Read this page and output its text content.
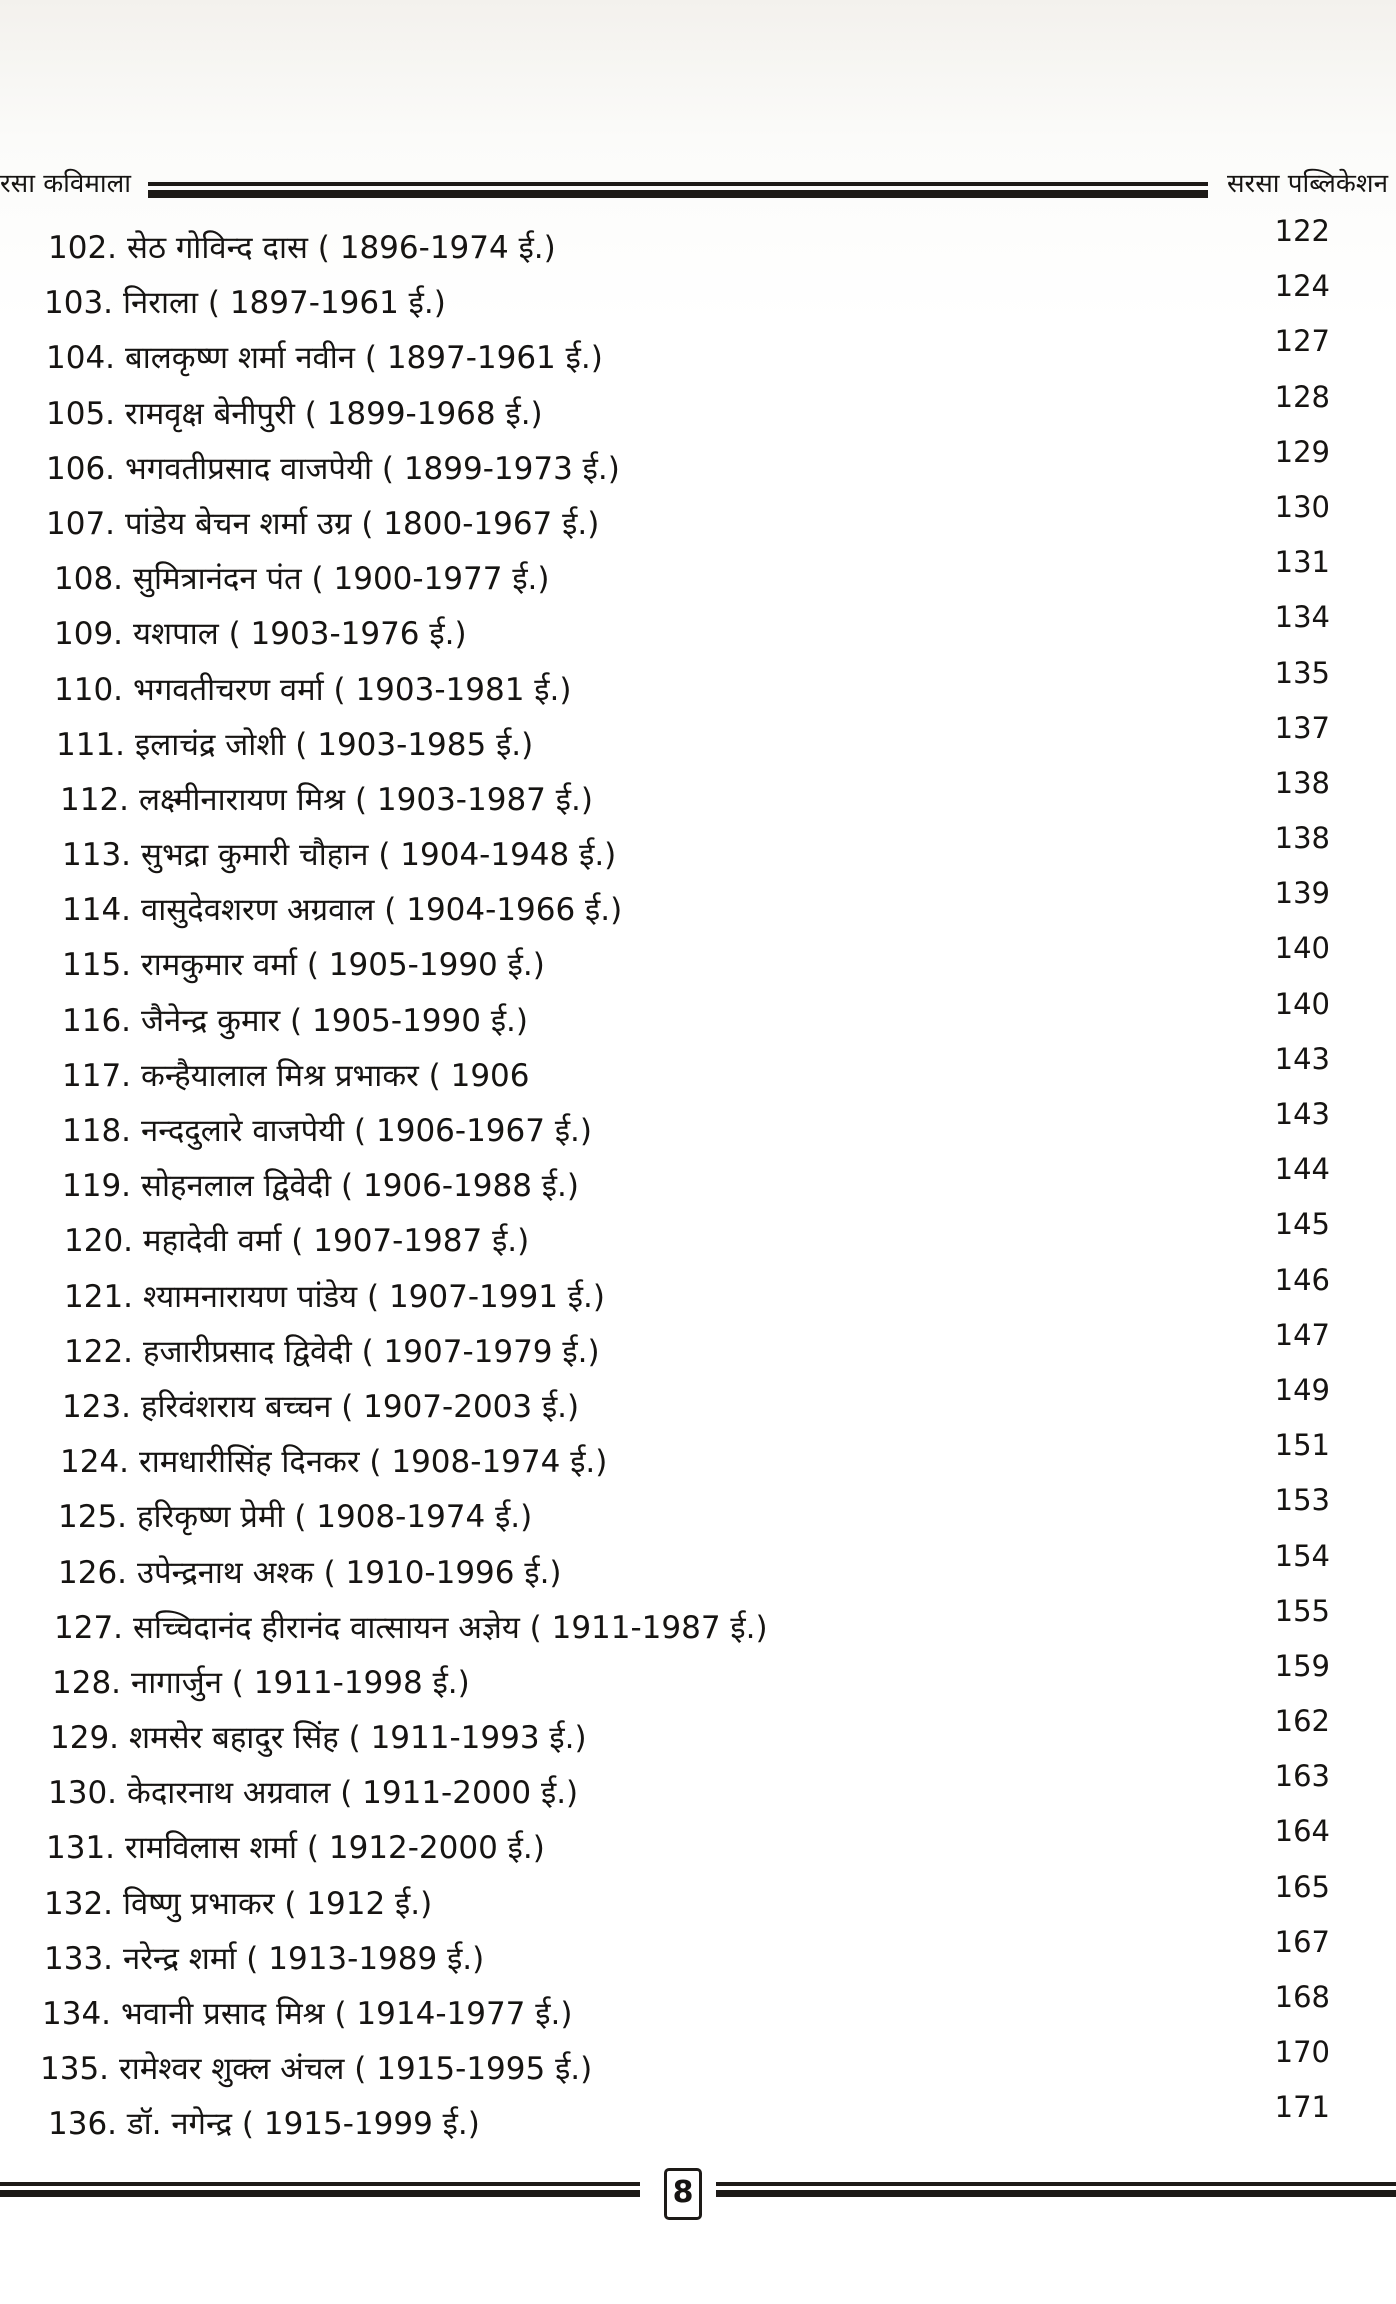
रसा कविमाला	सरसा पब्लिकेशन
102. सेठ गोविन्द दास ( 1896-1974 ई.)	122
103. निराला ( 1897-1961 ई.)	124
104. बालकृष्ण शर्मा नवीन ( 1897-1961 ई.)	127
105. रामवृक्ष बेनीपुरी ( 1899-1968 ई.)	128
106. भगवतीप्रसाद वाजपेयी ( 1899-1973 ई.)	129
107. पांडेय बेचन शर्मा उग्र ( 1800-1967 ई.)	130
108. सुमित्रानंदन पंत ( 1900-1977 ई.)	131
109. यशपाल ( 1903-1976 ई.)	134
110. भगवतीचरण वर्मा ( 1903-1981 ई.)	135
111. इलाचंद्र जोशी ( 1903-1985 ई.)	137
112. लक्ष्मीनारायण मिश्र ( 1903-1987 ई.)	138
113. सुभद्रा कुमारी चौहान ( 1904-1948 ई.)	138
114. वासुदेवशरण अग्रवाल ( 1904-1966 ई.)	139
115. रामकुमार वर्मा ( 1905-1990 ई.)	140
116. जैनेन्द्र कुमार ( 1905-1990 ई.)	140
117. कन्हैयालाल मिश्र प्रभाकर ( 1906	143
118. नन्ददुलारे वाजपेयी ( 1906-1967 ई.)	143
119. सोहनलाल द्विवेदी ( 1906-1988 ई.)	144
120. महादेवी वर्मा ( 1907-1987 ई.)	145
121. श्यामनारायण पांडेय ( 1907-1991 ई.)	146
122. हजारीप्रसाद द्विवेदी ( 1907-1979 ई.)	147
123. हरिवंशराय बच्चन ( 1907-2003 ई.)	149
124. रामधारीसिंह दिनकर ( 1908-1974 ई.)	151
125. हरिकृष्ण प्रेमी ( 1908-1974 ई.)	153
126. उपेन्द्रनाथ अश्क ( 1910-1996 ई.)	154
127. सच्चिदानंद हीरानंद वात्सायन अज्ञेय ( 1911-1987 ई.)	155
128. नागार्जुन ( 1911-1998 ई.)	159
129. शमसेर बहादुर सिंह ( 1911-1993 ई.)	162
130. केदारनाथ अग्रवाल ( 1911-2000 ई.)	163
131. रामविलास शर्मा ( 1912-2000 ई.)	164
132. विष्णु प्रभाकर ( 1912 ई.)	165
133. नरेन्द्र शर्मा ( 1913-1989 ई.)	167
134. भवानी प्रसाद मिश्र ( 1914-1977 ई.)	168
135. रामेश्वर शुक्ल अंचल ( 1915-1995 ई.)	170
136. डॉ. नगेन्द्र ( 1915-1999 ई.)	171
8
